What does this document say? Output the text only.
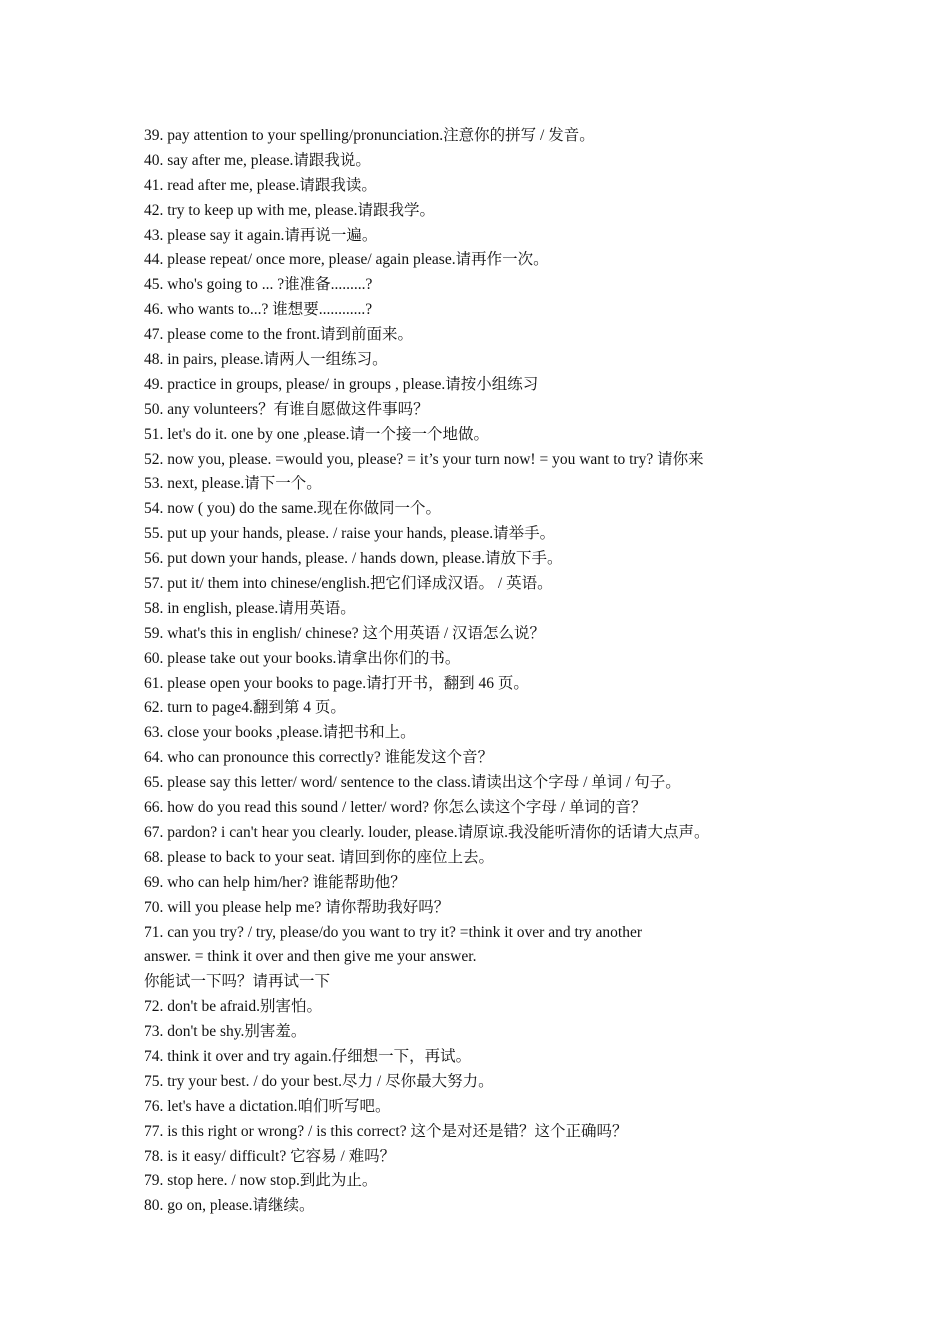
39. pay attention to your spelling/pronunciation.注意你的拼写 / 发音。
40. say after me, please.请跟我说。
41. read after me, please.请跟我读。
42. try to keep up with me, please.请跟我学。
43. please say it again.请再说一遍。
44. please repeat/ once more, please/ again please.请再作一次。
45. who's going to ... ?谁准备.........?
46. who wants to...? 谁想要............?
47. please come to the front.请到前面来。
48. in pairs, please.请两人一组练习。
49. practice in groups, please/ in groups , please.请按小组练习
50. any volunteers？有谁自愿做这件事吗？
51. let's do it. one by one ,please.请一个接一个地做。
52. now you, please. =would you, please? = it’s your turn now! = you want to try? 请你来
53. next, please.请下一个。
54. now ( you) do the same.现在你做同一个。
55. put up your hands, please. / raise your hands, please.请举手。
56. put down your hands, please. / hands down, please.请放下手。
57. put it/ them into chinese/english.把它们译成汉语。 / 英语。
58. in english, please.请用英语。
59. what's this in english/ chinese? 这个用英语 / 汉语怎么说？
60. please take out your books.请拿出你们的书。
61. please open your books to page.请打开书，翻到 46 页。
62. turn to page4.翻到第 4 页。
63. close your books ,please.请把书和上。
64. who can pronounce this correctly? 谁能发这个音？
65. please say this letter/ word/ sentence to the class.请读出这个字母 / 单词 / 句子。
66. how do you read this sound / letter/ word? 你怎么读这个字母 / 单词的音？
67. pardon? i can't hear you clearly. louder, please.请原谅.我没能听清你的话请大点声。
68. please to back to your seat. 请回到你的座位上去。
69. who can help him/her? 谁能帮助他？
70. will you please help me? 请你帮助我好吗？
71. can you try? / try, please/do you want to try it? =think it over and try another
answer. = think it over and then give me your answer.
你能试一下吗？请再试一下
72. don't be afraid.别害怕。
73. don't be shy.别害羞。
74. think it over and try again.仔细想一下，再试。
75. try your best. / do your best.尽力 / 尽你最大努力。
76. let's have a dictation.咱们听写吧。
77. is this right or wrong? / is this correct? 这个是对还是错？这个正确吗？
78. is it easy/ difficult? 它容易 / 难吗？
79. stop here. / now stop.到此为止。
80. go on, please.请继续。
